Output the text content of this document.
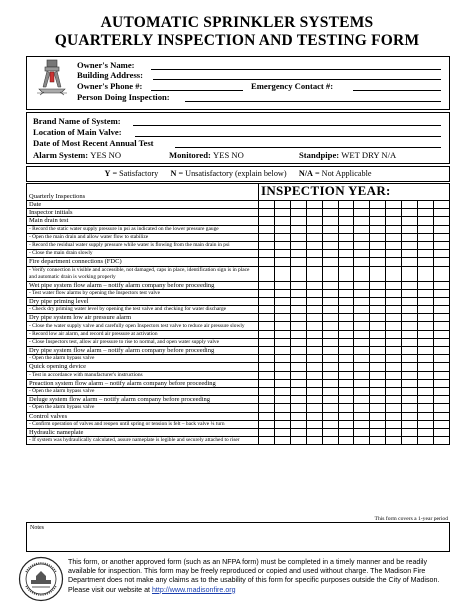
AUTOMATIC SPRINKLER SYSTEMS
QUARTERLY INSPECTION AND TESTING FORM
Owner's Name:
Building Address:
Owner's Phone #:	Emergency Contact #:
Person Doing Inspection:
Brand Name of System:
Location of Main Valve:
Date of Most Recent Annual Test
Alarm System: YES NO	Monitored: YES NO	Standpipe: WET DRY N/A
Y = Satisfactory N = Unsatisfactory (explain below) N/A = Not Applicable
Quarterly Inspections	INSPECTION YEAR:											
Date												
Inspector initials												
Main drain test												
- Record the static water supply pressure in psi as indicated on the lower pressure gauge												
- Open the main drain and allow water flow to stabilize												
- Record the residual water supply pressure while water is flowing from the main drain in psi												
- Close the main drain slowly												
Fire department connections (FDC)												
- Verify connection is visible and accessible, not damaged, caps in place, identification sign is in place and automatic drain is working properly												
Wet pipe system flow alarm – notify alarm company before proceeding												
- Test water flow alarms by opening the Inspectors test valve												
Dry pipe priming level												
- Check dry priming water level by opening the test valve and checking for water discharge												
Dry pipe system low air pressure alarm												
- Close the water supply valve and carefully open Inspectors test valve to reduce air pressure slowly												
- Record low air alarm, and record air pressure at activation												
- Close Inspectors test, allow air pressure to rise to normal, and open water supply valve												
Dry pipe system flow alarm – notify alarm company before proceeding												
- Open the alarm bypass valve												
Quick opening device												
- Test in accordance with manufacturer's instructions												
Preaction system flow alarm – notify alarm company before proceeding												
- Open the alarm bypass valve												
Deluge system flow alarm – notify alarm company before proceeding												
- Open the alarm bypass valve												
Control valves												
- Confirm operation of valves and reopen until spring or tension is felt – back valve ¼ turn												
Hydraulic nameplate												
- If system was hydraulically calculated, assure nameplate is legible and securely attached to riser												
This form covers a 1-year period
Notes
This form, or another approved form (such as an NFPA form) must be completed in a timely manner and be readily available for inspection. This form may be freely reproduced or copied and used without charge. The Madison Fire Department does not make any claims as to the usability of this form for specific purposes outside the City of Madison. Please visit our website at http://www.madisonfire.org
